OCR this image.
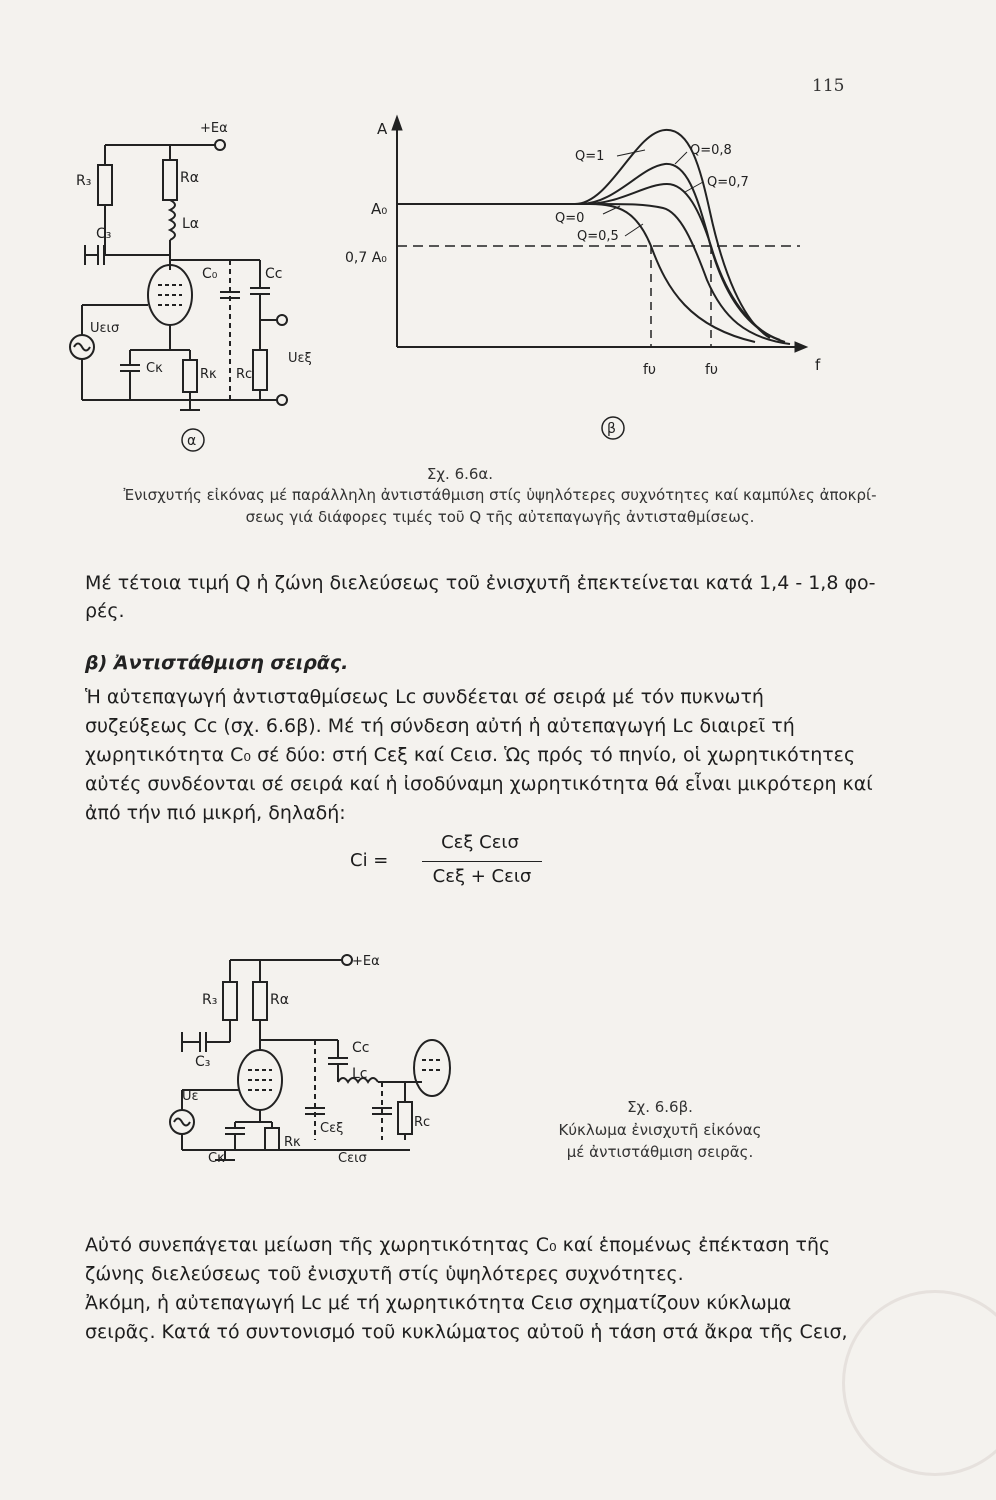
115
+Eα
R₃	Rα
Lα
C₃
C₀	Cc
Uεισ
Cκ	Rκ Rc
Uεξ
α
A
A₀
0,7 A₀
f
fυ	fυ
Q=1	Q=0,8
Q=0,7
Q=0
Q=0,5
β
Σχ. 6.6α.
Ἐνισχυτής εἰκόνας μέ παράλληλη ἀντιστάθμιση στίς ὑψηλότερες συχνότητες καί καμπύλες ἀποκρί-
σεως γιά διάφορες τιμές τοῦ Q τῆς αὐτεπαγωγῆς ἀντισταθμίσεως.
Μέ τέτοια τιμή Q ἡ ζώνη διελεύσεως τοῦ ἐνισχυτῆ ἐπεκτείνεται κατά 1,4 - 1,8 φο-
ρές.
β) Ἀντιστάθμιση σειρᾶς.
Ἡ αὐτεπαγωγή ἀντισταθμίσεως Lc συνδέεται σέ σειρά μέ τόν πυκνωτή
συζεύξεως Cc (σχ. 6.6β). Μέ τή σύνδεση αὐτή ἡ αὐτεπαγωγή Lc διαιρεῖ τή
χωρητικότητα C₀ σέ δύο: στή Cεξ καί Cεισ. Ὡς πρός τό πηνίο, οἱ χωρητικότητες
αὐτές συνδέονται σέ σειρά καί ἡ ἰσοδύναμη χωρητικότητα θά εἶναι μικρότερη καί
ἀπό τήν πιό μικρή, δηλαδή:
Ci =
Cεξ Cεισ
Cεξ + Cεισ
+Eα
R₃	Rα
C₃
Cc
Lc
Uε
Cκ
Rκ
Cεξ
Cεισ
Rc
Σχ. 6.6β.
Κύκλωμα ἐνισχυτῆ εἰκόνας
μέ ἀντιστάθμιση σειρᾶς.
Αὐτό συνεπάγεται μείωση τῆς χωρητικότητας C₀ καί ἑπομένως ἐπέκταση τῆς
ζώνης διελεύσεως τοῦ ἐνισχυτῆ στίς ὑψηλότερες συχνότητες.
Ἀκόμη, ἡ αὐτεπαγωγή Lc μέ τή χωρητικότητα Cεισ σχηματίζουν κύκλωμα
σειρᾶς. Κατά τό συντονισμό τοῦ κυκλώματος αὐτοῦ ἡ τάση στά ἄκρα τῆς Cεισ,
